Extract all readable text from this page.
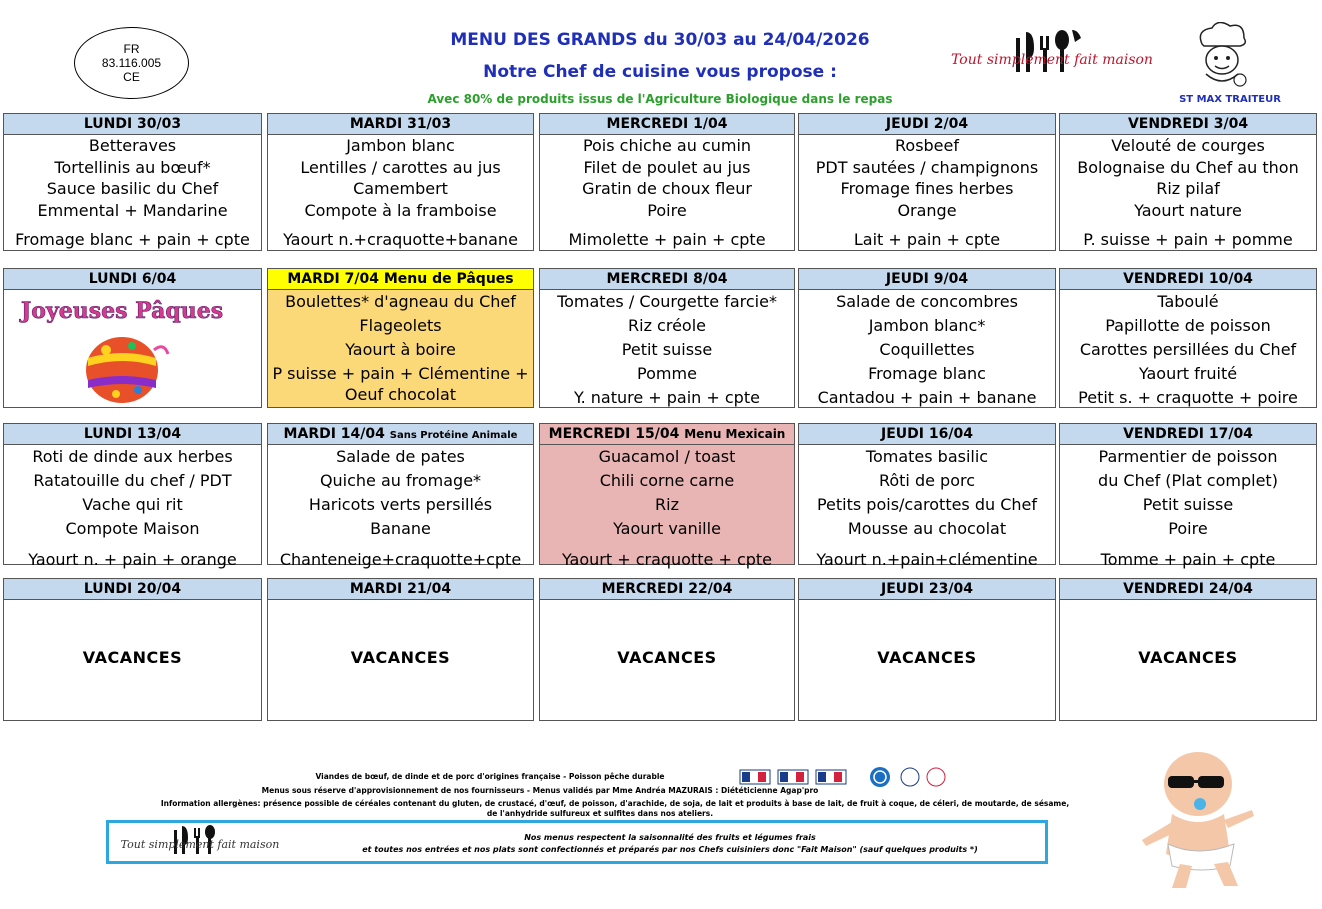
FR
83.116.005
CE
MENU DES GRANDS du 30/03 au 24/04/2026
Notre Chef de cuisine vous propose :
Avec 80% de produits issus de l'Agriculture Biologique dans le repas
Tout simplement fait maison
ST MAX TRAITEUR
LUNDI 30/03
Betteraves
Tortellinis au bœuf*
Sauce basilic du Chef
Emmental + Mandarine
Fromage blanc + pain + cpte
MARDI 31/03
Jambon blanc
Lentilles / carottes au jus
Camembert
Compote à la framboise
Yaourt n.+craquotte+banane
MERCREDI 1/04
Pois chiche au cumin
Filet de poulet au jus
Gratin de choux fleur
Poire
Mimolette + pain + cpte
JEUDI 2/04
Rosbeef
PDT sautées / champignons
Fromage fines herbes
Orange
Lait + pain + cpte
VENDREDI 3/04
Velouté de courges
Bolognaise du Chef au thon
Riz pilaf
Yaourt nature
P. suisse + pain + pomme
LUNDI 6/04
Joyeuses Pâques
MARDI 7/04 Menu de Pâques
Boulettes* d'agneau du Chef
Flageolets
Yaourt à boire
P suisse + pain + Clémentine +
Oeuf chocolat
MERCREDI 8/04
Tomates / Courgette farcie*
Riz créole
Petit suisse
Pomme
Y. nature + pain + cpte
JEUDI 9/04
Salade de concombres
Jambon blanc*
Coquillettes
Fromage blanc
Cantadou + pain + banane
VENDREDI 10/04
Taboulé
Papillotte de poisson
Carottes persillées du Chef
Yaourt fruité
Petit s. + craquotte + poire
LUNDI 13/04
Roti de dinde aux herbes
Ratatouille du chef / PDT
Vache qui rit
Compote Maison
Yaourt n. + pain + orange
MARDI 14/04 Sans Protéine Animale
Salade de pates
Quiche au fromage*
Haricots verts persillés
Banane
Chanteneige+craquotte+cpte
MERCREDI 15/04 Menu Mexicain
Guacamol / toast
Chili corne carne
Riz
Yaourt vanille
Yaourt + craquotte + cpte
JEUDI 16/04
Tomates basilic
Rôti de porc
Petits pois/carottes du Chef
Mousse au chocolat
Yaourt n.+pain+clémentine
VENDREDI 17/04
Parmentier de poisson
du Chef (Plat complet)
Petit suisse
Poire
Tomme + pain + cpte
LUNDI 20/04
VACANCES
MARDI 21/04
VACANCES
MERCREDI 22/04
VACANCES
JEUDI 23/04
VACANCES
VENDREDI 24/04
VACANCES
Viandes de bœuf, de dinde et de porc d'origines française - Poisson pêche durable
Menus sous réserve d'approvisionnement de nos fournisseurs - Menus validés par Mme Andréa MAZURAIS : Diététicienne Agap'pro
Information allergènes: présence possible de céréales contenant du gluten, de crustacé, d'œuf, de poisson, d'arachide, de soja, de lait et produits à base de lait, de fruit à coque, de céleri, de moutarde, de sésame,
de l'anhydride sulfureux et sulfites dans nos ateliers.
Tout simplement fait maison
Nos menus respectent la saisonnalité des fruits et légumes frais
et toutes nos entrées et nos plats sont confectionnés et préparés par nos Chefs cuisiniers donc "Fait Maison" (sauf quelques produits *)
